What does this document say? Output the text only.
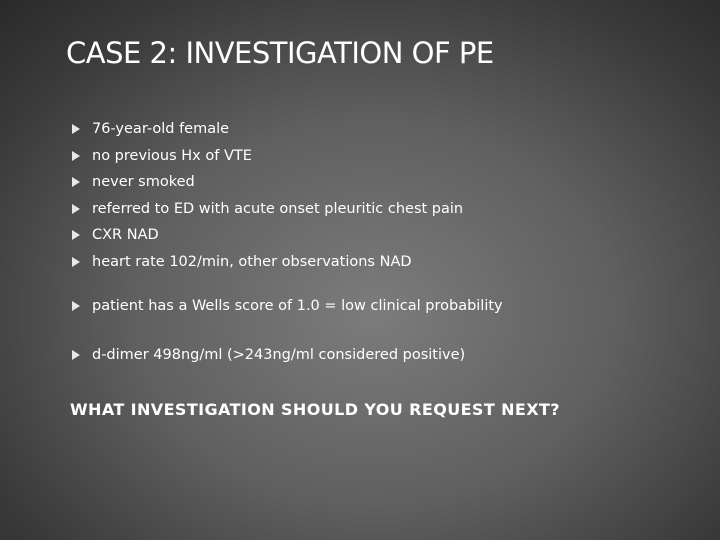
CASE 2: INVESTIGATION OF PE
76-year-old female
no previous Hx of VTE
never smoked
referred to ED with acute onset pleuritic chest pain
CXR NAD
heart rate 102/min, other observations NAD
patient has a Wells score of 1.0 = low clinical probability
d-dimer 498ng/ml (>243ng/ml considered positive)
WHAT INVESTIGATION SHOULD YOU REQUEST NEXT?
